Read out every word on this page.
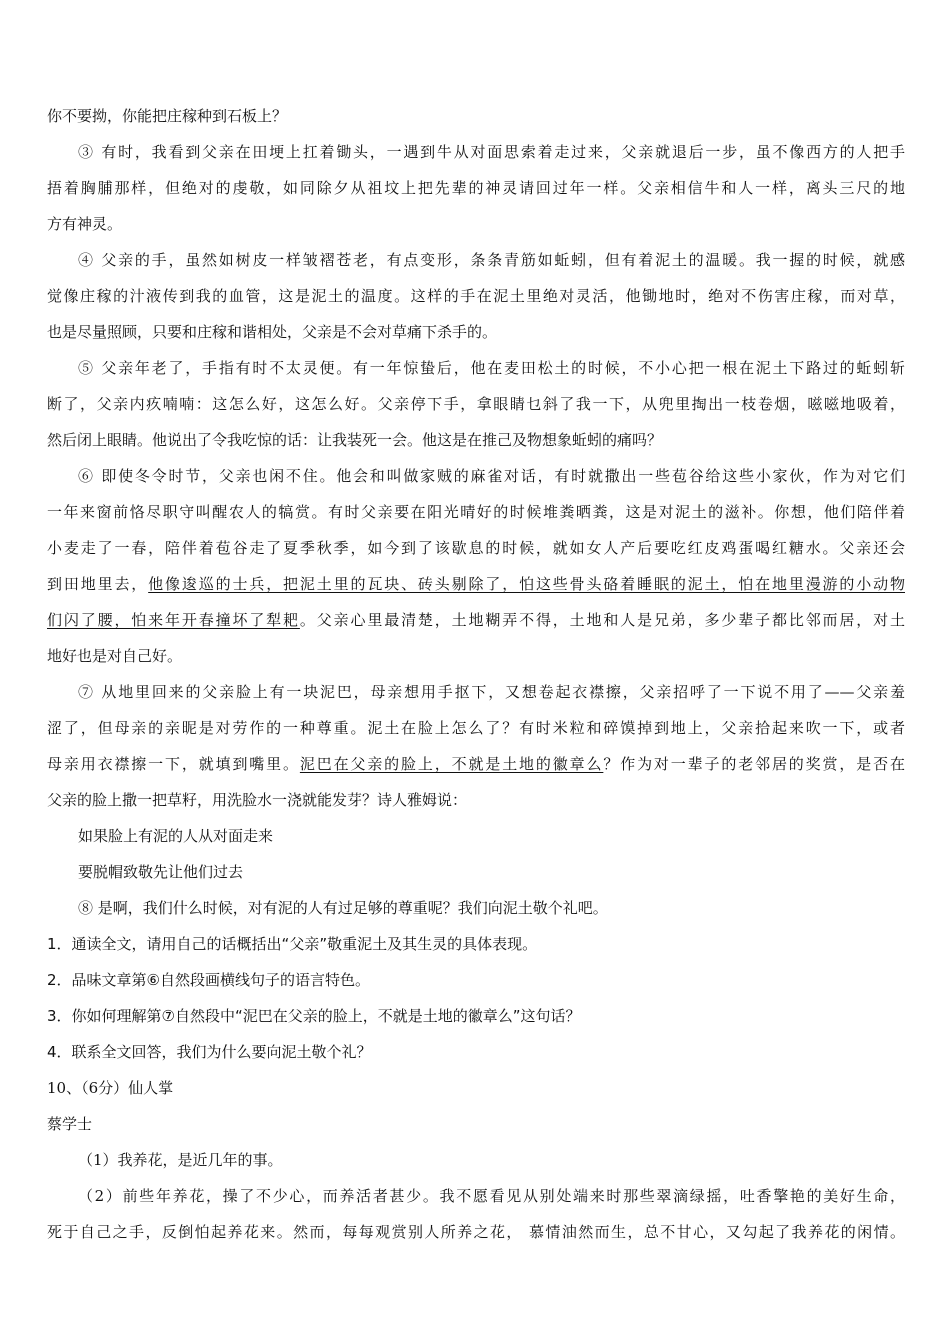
你不要拗，你能把庄稼种到石板上？
③ 有时，我看到父亲在田埂上扛着锄头，一遇到牛从对面思索着走过来，父亲就退后一步，虽不像西方的人把手
捂着胸脯那样，但绝对的虔敬，如同除夕从祖坟上把先辈的神灵请回过年一样。父亲相信牛和人一样，离头三尺的地
方有神灵。
④ 父亲的手，虽然如树皮一样皱褶苍老，有点变形，条条青筋如蚯蚓，但有着泥土的温暖。我一握的时候，就感
觉像庄稼的汁液传到我的血管，这是泥土的温度。这样的手在泥土里绝对灵活，他锄地时，绝对不伤害庄稼，而对草，
也是尽量照顾，只要和庄稼和谐相处，父亲是不会对草痛下杀手的。
⑤ 父亲年老了，手指有时不太灵便。有一年惊蛰后，他在麦田松土的时候，不小心把一根在泥土下路过的蚯蚓斩
断了，父亲内疚喃喃：这怎么好，这怎么好。父亲停下手，拿眼睛乜斜了我一下，从兜里掏出一枝卷烟，嗞嗞地吸着，
然后闭上眼睛。他说出了令我吃惊的话：让我装死一会。他这是在推己及物想象蚯蚓的痛吗？
⑥ 即使冬令时节，父亲也闲不住。他会和叫做家贼的麻雀对话，有时就撒出一些苞谷给这些小家伙，作为对它们
一年来窗前恪尽职守叫醒农人的犒赏。有时父亲要在阳光晴好的时候堆粪晒粪，这是对泥土的滋补。你想，他们陪伴着
小麦走了一春，陪伴着苞谷走了夏季秋季，如今到了该歇息的时候，就如女人产后要吃红皮鸡蛋喝红糖水。父亲还会
到田地里去，他像逡巡的士兵，把泥土里的瓦块、砖头剔除了，怕这些骨头硌着睡眠的泥土，怕在地里漫游的小动物
们闪了腰，怕来年开春撞坏了犁耙。父亲心里最清楚，土地糊弄不得，土地和人是兄弟，多少辈子都比邻而居，对土
地好也是对自己好。
⑦ 从地里回来的父亲脸上有一块泥巴，母亲想用手抠下，又想卷起衣襟擦，父亲招呼了一下说不用了——父亲羞
涩了，但母亲的亲昵是对劳作的一种尊重。泥土在脸上怎么了？有时米粒和碎馍掉到地上，父亲拾起来吹一下，或者
母亲用衣襟擦一下，就填到嘴里。泥巴在父亲的脸上，不就是土地的徽章么？作为对一辈子的老邻居的奖赏，是否在
父亲的脸上撒一把草籽，用洗脸水一浇就能发芽？诗人雅姆说：
如果脸上有泥的人从对面走来
要脱帽致敬先让他们过去
⑧ 是啊，我们什么时候，对有泥的人有过足够的尊重呢？我们向泥土敬个礼吧。
1．通读全文，请用自己的话概括出“父亲”敬重泥土及其生灵的具体表现。
2．品味文章第⑥自然段画横线句子的语言特色。
3．你如何理解第⑦自然段中“泥巴在父亲的脸上，不就是土地的徽章么”这句话？
4．联系全文回答，我们为什么要向泥土敬个礼？
10、（6分）仙人掌
蔡学士
（1）我养花，是近几年的事。
（2）前些年养花，操了不少心，而养活者甚少。我不愿看见从别处端来时那些翠滴绿摇，吐香擎艳的美好生命，
死于自己之手，反倒怕起养花来。然而，每每观赏别人所养之花， 慕情油然而生，总不甘心，又勾起了我养花的闲情。
